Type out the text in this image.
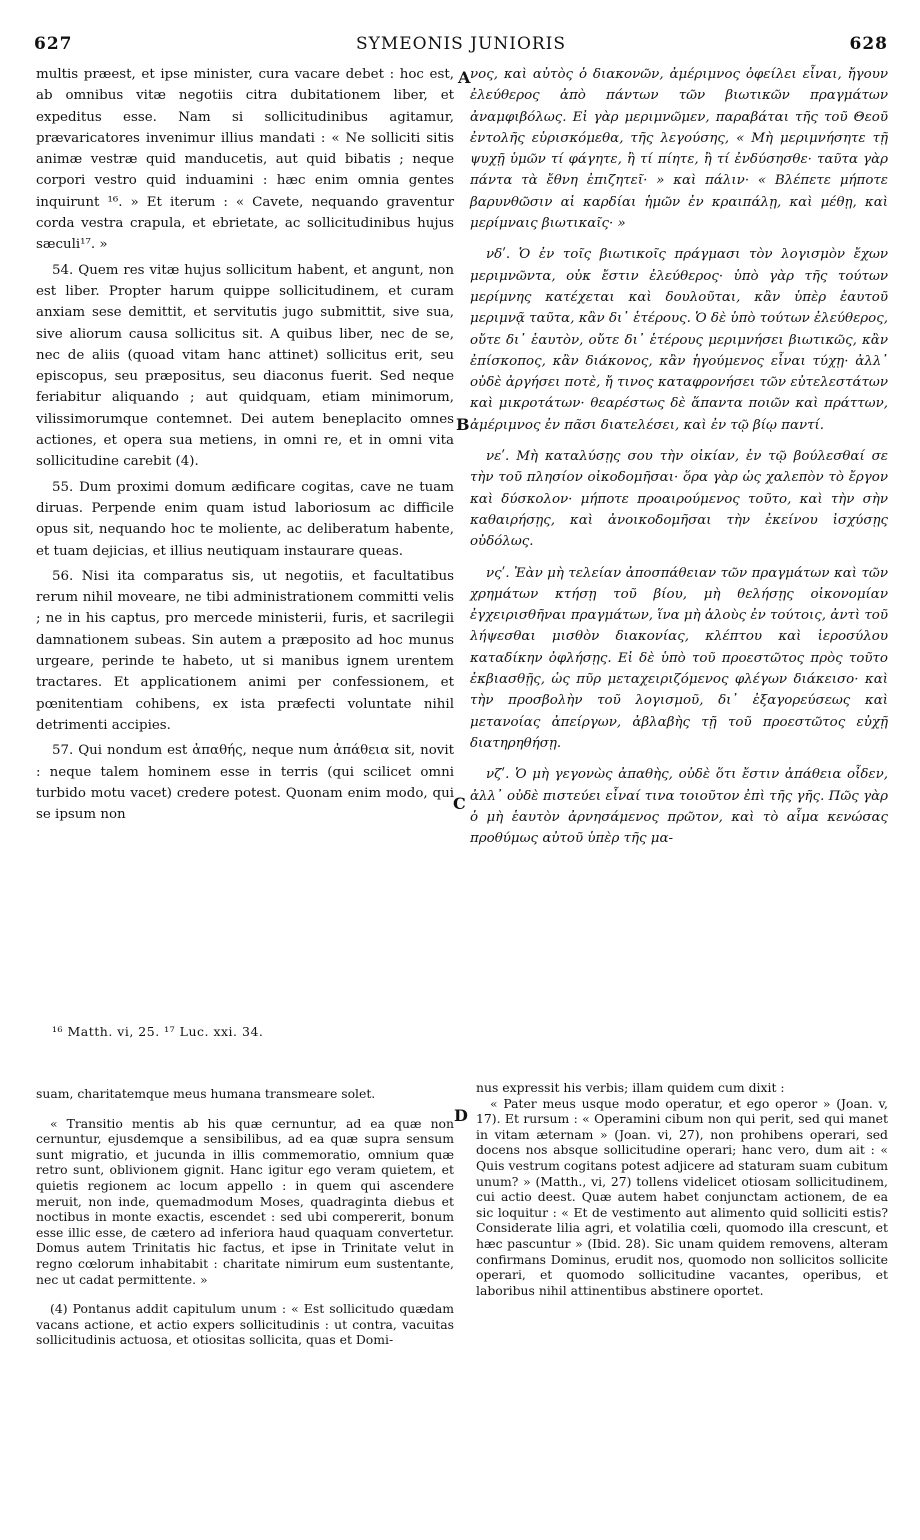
627	SYMEONIS JUNIORIS	628
A
B
C
D

multis præest, et ipse minister, cura vacare debet : hoc est, ab omnibus vitæ negotiis citra dubitationem liber, et expeditus esse. Nam si sollicitudinibus agitamur, prævaricatores invenimur illius mandati : « Ne solliciti sitis animæ vestræ quid manducetis, aut quid bibatis ; neque corpori vestro quid induamini : hæc enim omnia gentes inquirunt ¹⁶. » Et iterum : « Cavete, nequando graventur corda vestra crapula, et ebrietate, ac sollicitudinibus hujus sæculi¹⁷. »

54. Quem res vitæ hujus sollicitum habent, et angunt, non est liber. Propter harum quippe sollicitudinem, et curam anxiam sese demittit, et servitutis jugo submittit, sive sua, sive aliorum causa sollicitus sit. A quibus liber, nec de se, nec de aliis (quoad vitam hanc attinet) sollicitus erit, seu episcopus, seu præpositus, seu diaconus fuerit. Sed neque feriabitur aliquando ; aut quidquam, etiam minimorum, vilissimorumque contemnet. Dei autem beneplacito omnes actiones, et opera sua metiens, in omni re, et in omni vita sollicitudine carebit (4).

55. Dum proximi domum ædificare cogitas, cave ne tuam diruas. Perpende enim quam istud laboriosum ac difficile opus sit, nequando hoc te moliente, ac deliberatum habente, et tuam dejicias, et illius neutiquam instaurare queas.

56. Nisi ita comparatus sis, ut negotiis, et facultatibus rerum nihil moveare, ne tibi administrationem committi velis ; ne in his captus, pro mercede ministerii, furis, et sacrilegii damnationem subeas. Sin autem a præposito ad hoc munus urgeare, perinde te habeto, ut si manibus ignem urentem tractares. Et applicationem animi per confessionem, et pœnitentiam cohibens, ex ista præfecti voluntate nihil detrimenti accipies.

57. Qui nondum est ἀπαθής, neque num ἀπάθεια sit, novit : neque talem hominem esse in terris (qui scilicet omni turbido motu vacet) credere potest. Quonam enim modo, qui se ipsum non

νος, καὶ αὐτὸς ὁ διακονῶν, ἀμέριμνος ὀφείλει εἶναι, ἤγουν ἐλεύθερος ἀπὸ πάντων τῶν βιωτικῶν πραγμάτων ἀναμφιβόλως. Εἰ γὰρ μεριμνῶμεν, παραβάται τῆς τοῦ Θεοῦ ἐντολῆς εὑρισκόμεθα, τῆς λεγούσης, « Μὴ μεριμνήσητε τῇ ψυχῇ ὑμῶν τί φάγητε, ἢ τί πίητε, ἢ τί ἐνδύσησθε· ταῦτα γὰρ πάντα τὰ ἔθνη ἐπιζητεῖ· » καὶ πάλιν· « Βλέπετε μήποτε βαρυνθῶσιν αἱ καρδίαι ἡμῶν ἐν κραιπάλῃ, καὶ μέθῃ, καὶ μερίμναις βιωτικαῖς· »

νδʹ. Ὁ ἐν τοῖς βιωτικοῖς πράγμασι τὸν λογισμὸν ἔχων μεριμνῶντα, οὐκ ἔστιν ἐλεύθερος· ὑπὸ γὰρ τῆς τούτων μερίμνης κατέχεται καὶ δουλοῦται, κἂν ὑπὲρ ἑαυτοῦ μεριμνᾷ ταῦτα, κἂν δι᾽ ἑτέρους. Ὁ δὲ ὑπὸ τούτων ἐλεύθερος, οὔτε δι᾽ ἑαυτὸν, οὔτε δι᾽ ἑτέρους μεριμνήσει βιωτικῶς, κἂν ἐπίσκοπος, κἂν διάκονος, κἂν ἡγούμενος εἶναι τύχῃ· ἀλλ᾽ οὐδὲ ἀργήσει ποτὲ, ἤ τινος καταφρονήσει τῶν εὐτελεστάτων καὶ μικροτάτων· θεαρέστως δὲ ἅπαντα ποιῶν καὶ πράττων, ἀμέριμνος ἐν πᾶσι διατελέσει, καὶ ἐν τῷ βίῳ παντί.

νεʹ. Μὴ καταλύσῃς σου τὴν οἰκίαν, ἐν τῷ βούλεσθαί σε τὴν τοῦ πλησίον οἰκοδομῆσαι· ὅρα γὰρ ὡς χαλεπὸν τὸ ἔργον καὶ δύσκολον· μήποτε προαιρούμενος τοῦτο, καὶ τὴν σὴν καθαιρήσῃς, καὶ ἀνοικοδομῆσαι τὴν ἐκείνου ἰσχύσῃς οὐδόλως.

νςʹ. Ἐὰν μὴ τελείαν ἀποσπάθειαν τῶν πραγμάτων καὶ τῶν χρημάτων κτήσῃ τοῦ βίου, μὴ θελήσῃς οἰκονομίαν ἐγχειρισθῆναι πραγμάτων, ἵνα μὴ ἁλοὺς ἐν τούτοις, ἀντὶ τοῦ λήψεσθαι μισθὸν διακονίας, κλέπτου καὶ ἱεροσύλου καταδίκην ὀφλήσῃς. Εἰ δὲ ὑπὸ τοῦ προεστῶτος πρὸς τοῦτο ἐκβιασθῇς, ὡς πῦρ μεταχειριζόμενος φλέγων διάκεισο· καὶ τὴν προσβολὴν τοῦ λογισμοῦ, δι᾽ ἐξαγορεύσεως καὶ μετανοίας ἀπείργων, ἀβλαβὴς τῇ τοῦ προεστῶτος εὐχῇ διατηρηθήσῃ.

νζʹ. Ὁ μὴ γεγονὼς ἀπαθὴς, οὐδὲ ὅτι ἔστιν ἀπάθεια οἶδεν, ἀλλ᾽ οὐδὲ πιστεύει εἶναί τινα τοιοῦτον ἐπὶ τῆς γῆς. Πῶς γὰρ ὁ μὴ ἑαυτὸν ἀρνησάμενος πρῶτον, καὶ τὸ αἷμα κενώσας προθύμως αὐτοῦ ὑπὲρ τῆς μα-

¹⁶ Matth. vi, 25. ¹⁷ Luc. xxi. 34.

suam, charitatemque meus humana transmeare solet.

« Transitio mentis ab his quæ cernuntur, ad ea quæ non cernuntur, ejusdemque a sensibilibus, ad ea quæ supra sensum sunt migratio, et jucunda in illis commemoratio, omnium quæ retro sunt, oblivionem gignit. Hanc igitur ego veram quietem, et quietis regionem ac locum appello : in quem qui ascendere meruit, non inde, quemadmodum Moses, quadraginta diebus et noctibus in monte exactis, escendet : sed ubi compererit, bonum esse illic esse, de cætero ad inferiora haud quaquam convertetur. Domus autem Trinitatis hic factus, et ipse in Trinitate velut in regno cœlorum inhabitabit : charitate nimirum eum sustentante, nec ut cadat permittente. »

(4) Pontanus addit capitulum unum : « Est sollicitudo quædam vacans actione, et actio expers sollicitudinis : ut contra, vacuitas sollicitudinis actuosa, et otiositas sollicita, quas et Domi-

nus expressit his verbis; illam quidem cum dixit :

« Pater meus usque modo operatur, et ego operor » (Joan. v, 17). Et rursum : « Operamini cibum non qui perit, sed qui manet in vitam æternam » (Joan. vi, 27), non prohibens operari, sed docens nos absque sollicitudine operari; hanc vero, dum ait : « Quis vestrum cogitans potest adjicere ad staturam suam cubitum unum? » (Matth., vi, 27) tollens videlicet otiosam sollicitudinem, cui actio deest. Quæ autem habet conjunctam actionem, de ea sic loquitur : « Et de vestimento aut alimento quid solliciti estis? Considerate lilia agri, et volatilia cœli, quomodo illa crescunt, et hæc pascuntur » (Ibid. 28). Sic unam quidem removens, alteram confirmans Dominus, erudit nos, quomodo non sollicitos sollicite operari, et quomodo sollicitudine vacantes, operibus, et laboribus nihil attinentibus abstinere oportet.
